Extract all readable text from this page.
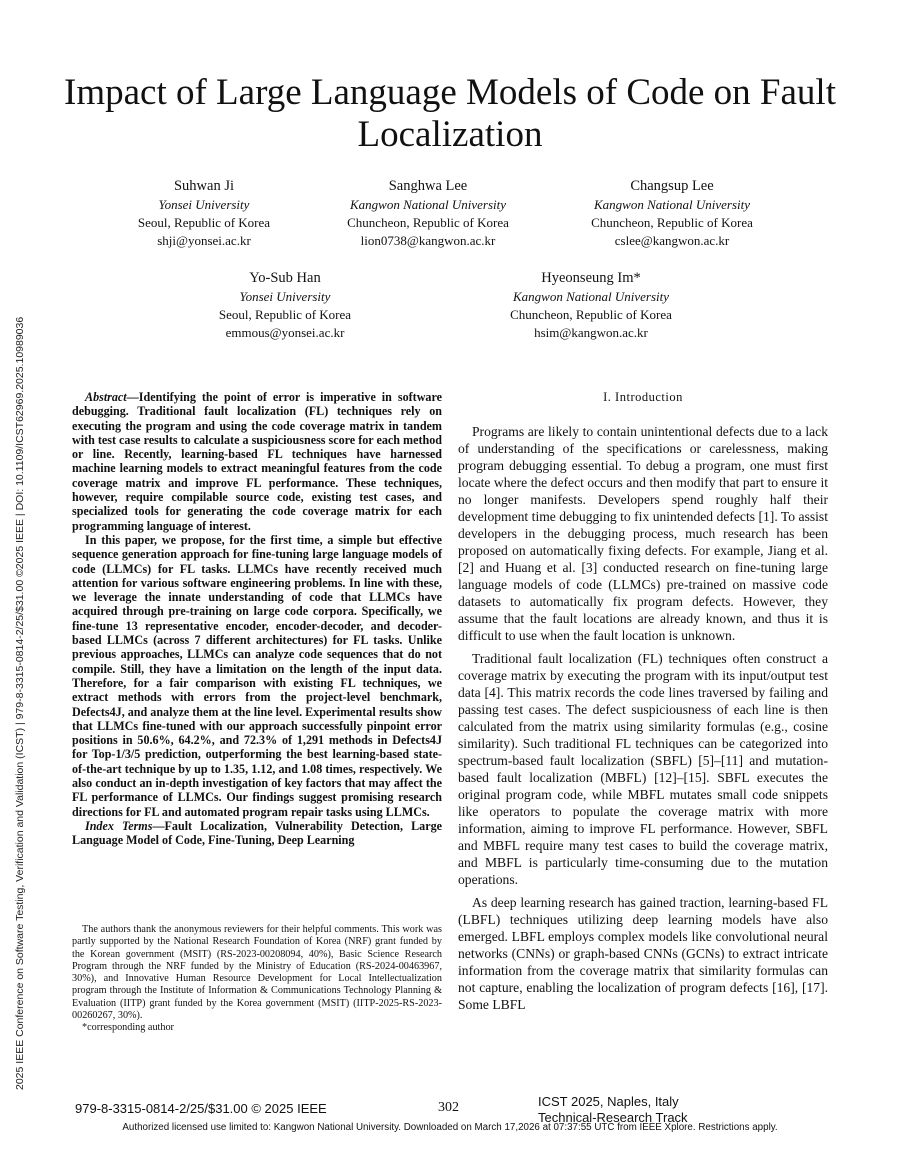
2025 IEEE Conference on Software Testing, Verification and Validation (ICST) | 979-8-3315-0814-2/25/$31.00 ©2025 IEEE | DOI: 10.1109/ICST62969.2025.10989036
Impact of Large Language Models of Code on Fault Localization
Suhwan Ji
Yonsei University
Seoul, Republic of Korea
shji@yonsei.ac.kr
Sanghwa Lee
Kangwon National University
Chuncheon, Republic of Korea
lion0738@kangwon.ac.kr
Changsup Lee
Kangwon National University
Chuncheon, Republic of Korea
cslee@kangwon.ac.kr
Yo-Sub Han
Yonsei University
Seoul, Republic of Korea
emmous@yonsei.ac.kr
Hyeonseung Im*
Kangwon National University
Chuncheon, Republic of Korea
hsim@kangwon.ac.kr

Abstract—Identifying the point of error is imperative in software debugging. Traditional fault localization (FL) techniques rely on executing the program and using the code coverage matrix in tandem with test case results to calculate a suspiciousness score for each method or line. Recently, learning-based FL techniques have harnessed machine learning models to extract meaningful features from the code coverage matrix and improve FL performance. These techniques, however, require compilable source code, existing test cases, and specialized tools for generating the code coverage matrix for each programming language of interest.

In this paper, we propose, for the first time, a simple but effective sequence generation approach for fine-tuning large language models of code (LLMCs) for FL tasks. LLMCs have recently received much attention for various software engineering problems. In line with these, we leverage the innate understanding of code that LLMCs have acquired through pre-training on large code corpora. Specifically, we fine-tune 13 representative encoder, encoder-decoder, and decoder-based LLMCs (across 7 different architectures) for FL tasks. Unlike previous approaches, LLMCs can analyze code sequences that do not compile. Still, they have a limitation on the length of the input data. Therefore, for a fair comparison with existing FL techniques, we extract methods with errors from the project-level benchmark, Defects4J, and analyze them at the line level. Experimental results show that LLMCs fine-tuned with our approach successfully pinpoint error positions in 50.6%, 64.2%, and 72.3% of 1,291 methods in Defects4J for Top-1/3/5 prediction, outperforming the best learning-based state-of-the-art technique by up to 1.35, 1.12, and 1.08 times, respectively. We also conduct an in-depth investigation of key factors that may affect the FL performance of LLMCs. Our findings suggest promising research directions for FL and automated program repair tasks using LLMCs.

Index Terms—Fault Localization, Vulnerability Detection, Large Language Model of Code, Fine-Tuning, Deep Learning

The authors thank the anonymous reviewers for their helpful comments. This work was partly supported by the National Research Foundation of Korea (NRF) grant funded by the Korean government (MSIT) (RS-2023-00208094, 40%), Basic Science Research Program through the NRF funded by the Ministry of Education (RS-2024-00463967, 30%), and Innovative Human Resource Development for Local Intellectualization program through the Institute of Information & Communications Technology Planning & Evaluation (IITP) grant funded by the Korea government (MSIT) (IITP-2025-RS-2023-00260267, 30%).

*corresponding author

I. Introduction

Programs are likely to contain unintentional defects due to a lack of understanding of the specifications or carelessness, making program debugging essential. To debug a program, one must first locate where the defect occurs and then modify that part to ensure it no longer manifests. Developers spend roughly half their development time debugging to fix unintended defects [1]. To assist developers in the debugging process, much research has been proposed on automatically fixing defects. For example, Jiang et al. [2] and Huang et al. [3] conducted research on fine-tuning large language models of code (LLMCs) pre-trained on massive code datasets to automatically fix program defects. However, they assume that the fault locations are already known, and thus it is difficult to use when the fault location is unknown.

Traditional fault localization (FL) techniques often construct a coverage matrix by executing the program with its input/output test data [4]. This matrix records the code lines traversed by failing and passing test cases. The defect suspiciousness of each line is then calculated from the matrix using similarity formulas (e.g., cosine similarity). Such traditional FL techniques can be categorized into spectrum-based fault localization (SBFL) [5]–[11] and mutation-based fault localization (MBFL) [12]–[15]. SBFL executes the original program code, while MBFL mutates small code snippets like operators to populate the coverage matrix with more information, aiming to improve FL performance. However, SBFL and MBFL require many test cases to build the coverage matrix, and MBFL is particularly time-consuming due to the mutation operations.

As deep learning research has gained traction, learning-based FL (LBFL) techniques utilizing deep learning models have also emerged. LBFL employs complex models like convolutional neural networks (CNNs) or graph-based CNNs (GCNs) to extract intricate information from the coverage matrix that similarity formulas can not capture, enabling the localization of program defects [16], [17]. Some LBFL

979-8-3315-0814-2/25/$31.00 © 2025 IEEE	302	ICST 2025, Naples, Italy
Technical-Research Track
Authorized licensed use limited to: Kangwon National University. Downloaded on March 17,2026 at 07:37:55 UTC from IEEE Xplore. Restrictions apply.
